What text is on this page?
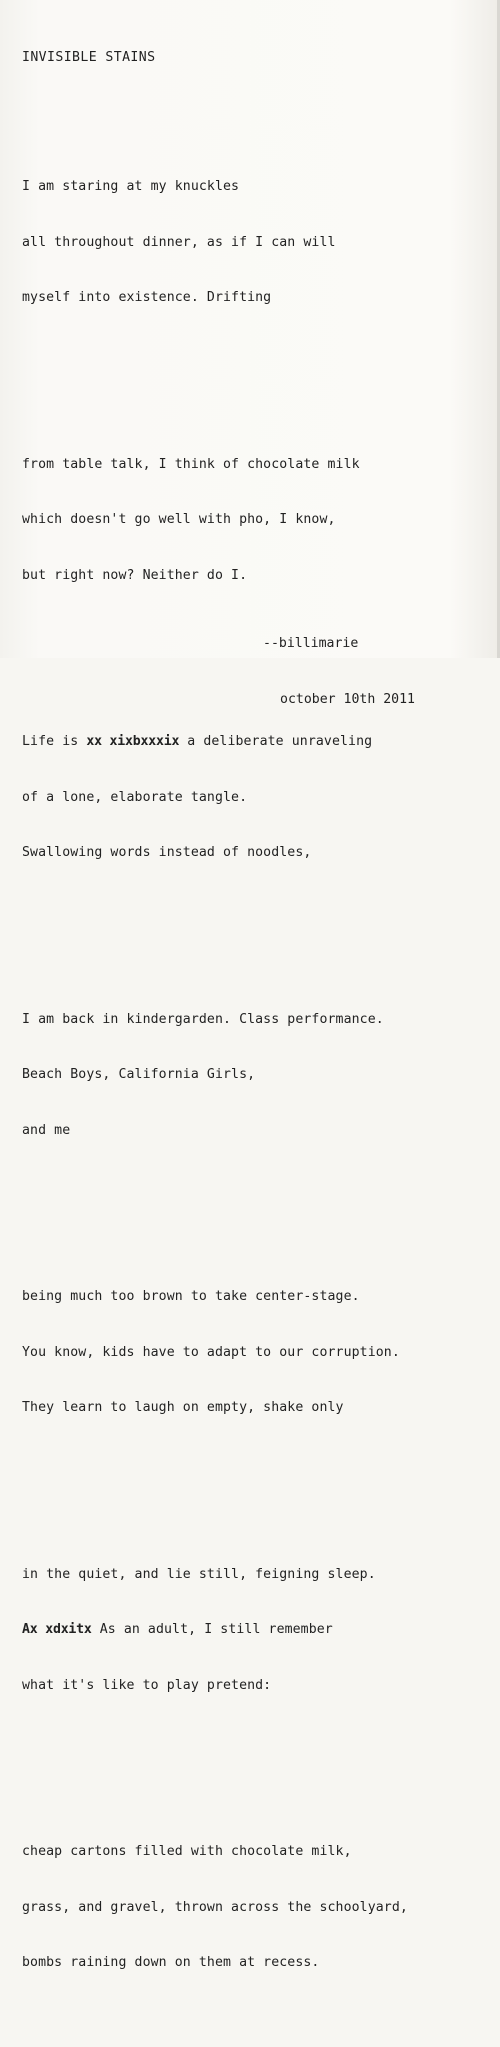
INVISIBLE STAINS

I am staring at my knuckles

all throughout dinner, as if I can will

myself into existence. Drifting

from table talk, I think of chocolate milk

which doesn't go well with pho, I know,

but right now? Neither do I.

Life is xx xixbxxxix a deliberate unraveling

of a lone, elaborate tangle.

Swallowing words instead of noodles,

I am back in kindergarden. Class performance.

Beach Boys, California Girls,

and me

being much too brown to take center-stage.

You know, kids have to adapt to our corruption.

They learn to laugh on empty, shake only

in the quiet, and lie still, feigning sleep.

Ax xdxitx As an adult, I still remember

what it's like to play pretend:

cheap cartons filled with chocolate milk,

grass, and gravel, thrown across the schoolyard,

bombs raining down on them at recess.

--billimarie

october 10th 2011
